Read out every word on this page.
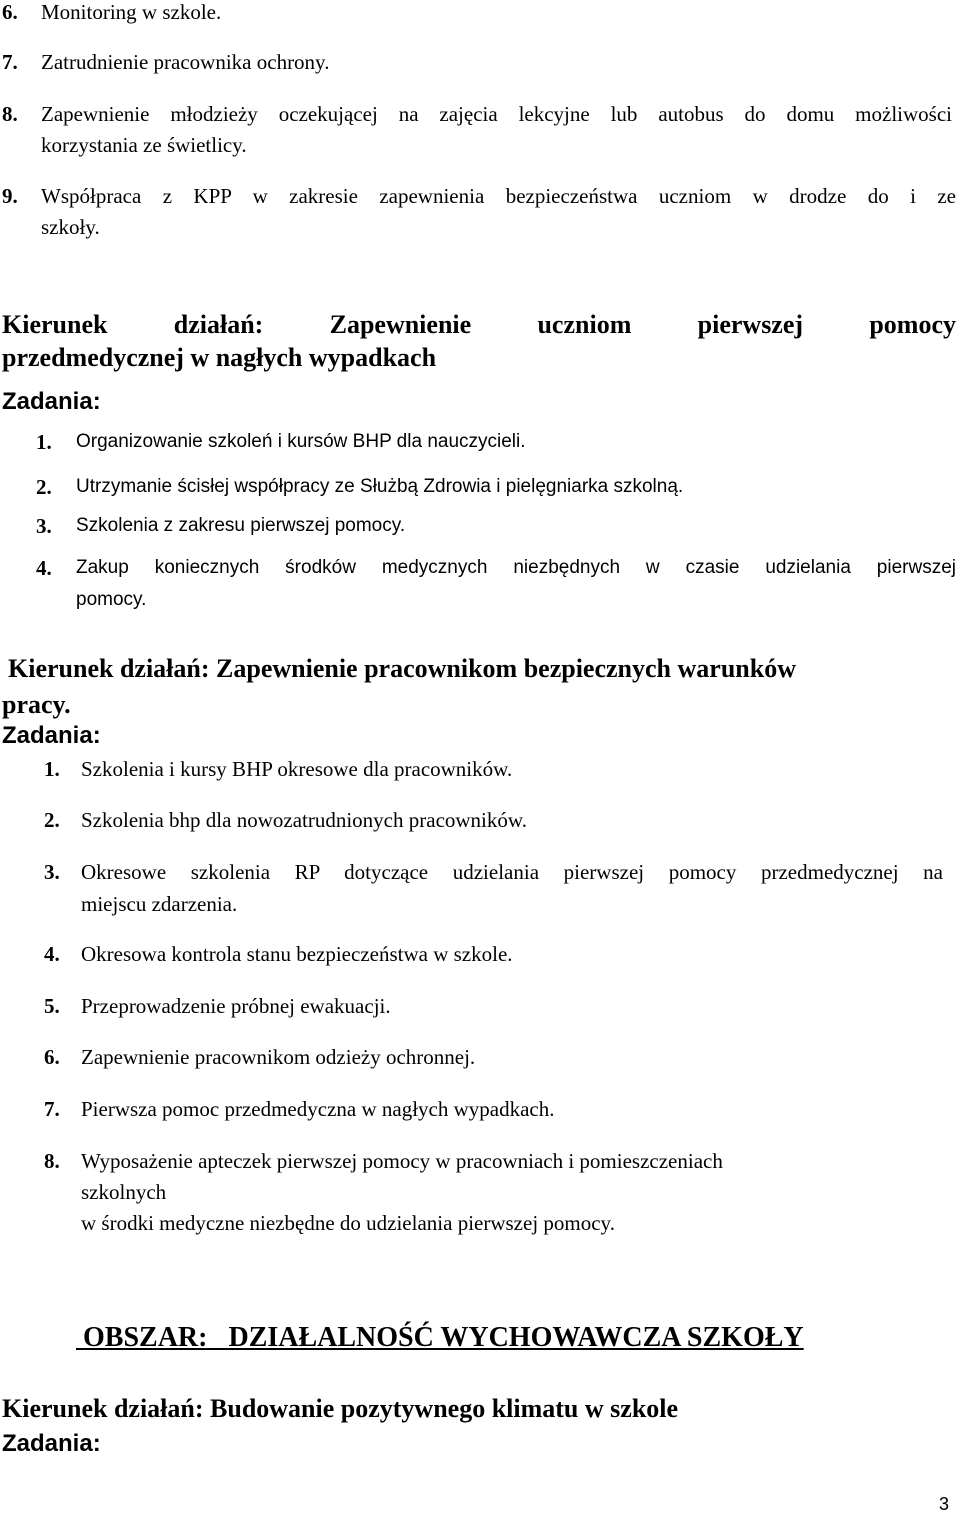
6. Monitoring w szkole.
7. Zatrudnienie pracownika ochrony.
8. Zapewnienie młodzieży oczekującej na zajęcia lekcyjne lub autobus do domu możliwości
korzystania ze świetlicy.
9. Współpraca z KPP w zakresie zapewnienia bezpieczeństwa uczniom w drodze do i ze
szkoły.
Kierunek działań: Zapewnienie uczniom pierwszej pomocy
przedmedycznej w nagłych wypadkach
Zadania:
1. Organizowanie szkoleń i kursów BHP dla nauczycieli.
2. Utrzymanie ścisłej współpracy ze Służbą Zdrowia i pielęgniarka szkolną.
3. Szkolenia z zakresu pierwszej pomocy.
4. Zakup koniecznych środków medycznych niezbędnych w czasie udzielania pierwszej
pomocy.
Kierunek działań: Zapewnienie pracownikom bezpiecznych warunków
pracy.
Zadania:
1. Szkolenia i kursy BHP okresowe dla pracowników.
2. Szkolenia bhp dla nowozatrudnionych pracowników.
3. Okresowe szkolenia RP dotyczące udzielania pierwszej pomocy przedmedycznej na
miejscu zdarzenia.
4. Okresowa kontrola stanu bezpieczeństwa w szkole.
5. Przeprowadzenie próbnej ewakuacji.
6. Zapewnienie pracownikom odzieży ochronnej.
7. Pierwsza pomoc przedmedyczna w nagłych wypadkach.
8. Wyposażenie apteczek pierwszej pomocy w pracowniach i pomieszczeniach
szkolnych
w środki medyczne niezbędne do udzielania pierwszej pomocy.
OBSZAR:   DZIAŁALNOŚĆ WYCHOWAWCZA SZKOŁY
Kierunek działań: Budowanie pozytywnego klimatu w szkole
Zadania:
3
